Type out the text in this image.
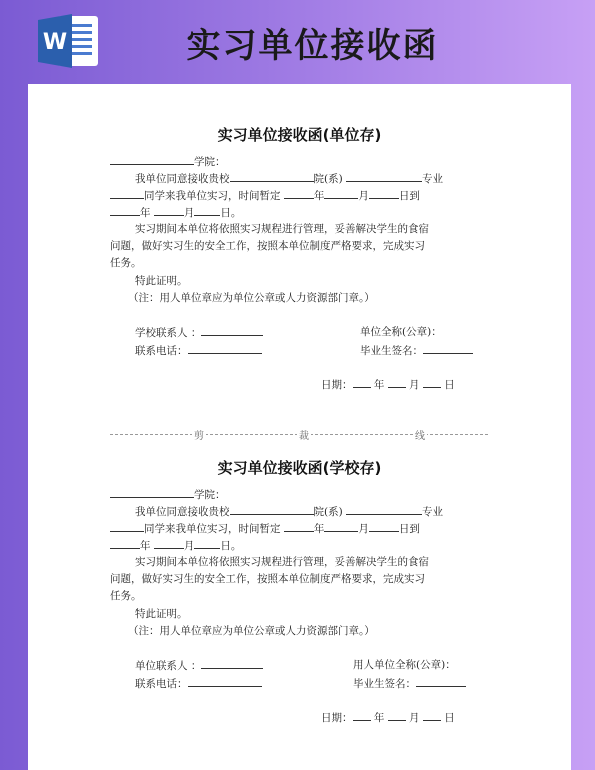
W	实习单位接收函
实习单位接收函(单位存)
学院：
我单位同意接收贵校	院(系)	专业
同学来我单位实习，时间暂定	年	月	日到
年	月 日。
实习期间本单位将依照实习规程进行管理，妥善解决学生的食宿
问题，做好实习生的安全工作，按照本单位制度严格要求，完成实习
任务。
特此证明。
（注：用人单位章应为单位公章或人力资源部门章。）
学校联系人 ：	单位全称(公章)：
联系电话：	毕业生签名：
日期： 年 月 日
剪	裁	线
实习单位接收函(学校存)
学院：
我单位同意接收贵校	院(系)	专业
同学来我单位实习，时间暂定	年	月	日到
年	月 日。
实习期间本单位将依照实习规程进行管理，妥善解决学生的食宿
问题，做好实习生的安全工作，按照本单位制度严格要求，完成实习
任务。
特此证明。
（注：用人单位章应为单位公章或人力资源部门章。）
单位联系人 ：	用人单位全称(公章)：
联系电话：	毕业生签名：
日期： 年 月 日
